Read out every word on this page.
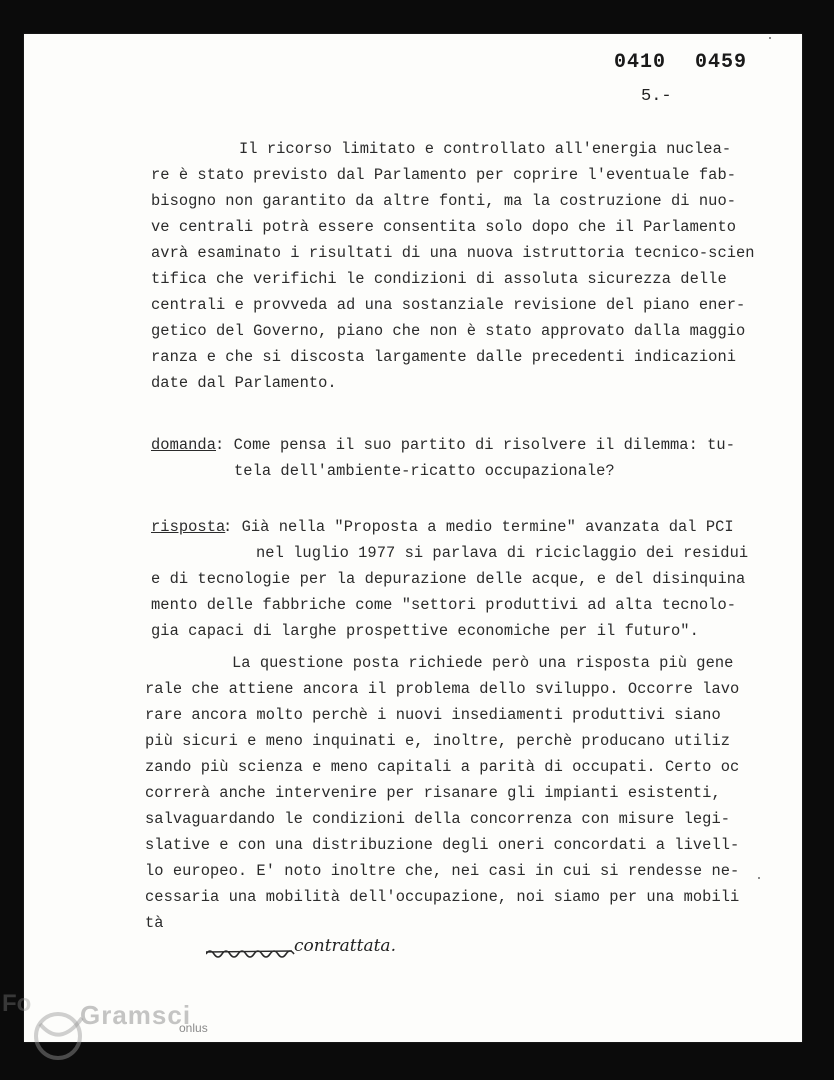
0410 0459
5.-
Il ricorso limitato e controllato all'energia nuclea-
re è stato previsto dal Parlamento per coprire l'eventuale fab-
bisogno non garantito da altre fonti, ma la costruzione di nuo-
ve centrali potrà essere consentita solo dopo che il Parlamento
avrà esaminato i risultati di una nuova istruttoria tecnico-scien
tifica che verifichi le condizioni di assoluta sicurezza delle
centrali e provveda ad una sostanziale revisione del piano ener-
getico del Governo, piano che non è stato approvato dalla maggio
ranza e che si discosta largamente dalle precedenti indicazioni
date dal Parlamento.
domanda
: Come pensa il suo partito di risolvere il dilemma: tu-
tela dell'ambiente-ricatto occupazionale?
risposta
: Già nella "Proposta a medio termine" avanzata dal PCI
nel luglio 1977 si parlava di riciclaggio dei residui
e di tecnologie per la depurazione delle acque, e del disinquina
mento delle fabbriche come "settori produttivi ad alta tecnolo-
gia capaci di larghe prospettive economiche per il futuro".
La questione posta richiede però una risposta più gene
rale che attiene ancora il problema dello sviluppo. Occorre lavo
rare ancora molto perchè i nuovi insediamenti produttivi siano
più sicuri e meno inquinati e, inoltre, perchè producano utiliz
zando più scienza e meno capitali a parità di occupati. Certo oc
correrà anche intervenire per risanare gli impianti esistenti,
salvaguardando le condizioni della concorrenza con misure legi-
slative e con una distribuzione degli oneri concordati a livell-
lo europeo. E' noto inoltre che, nei casi in cui si rendesse ne-
cessaria una mobilità dell'occupazione, noi siamo per una mobili
tà
contrattata.
Fo Gramsci
onlus
